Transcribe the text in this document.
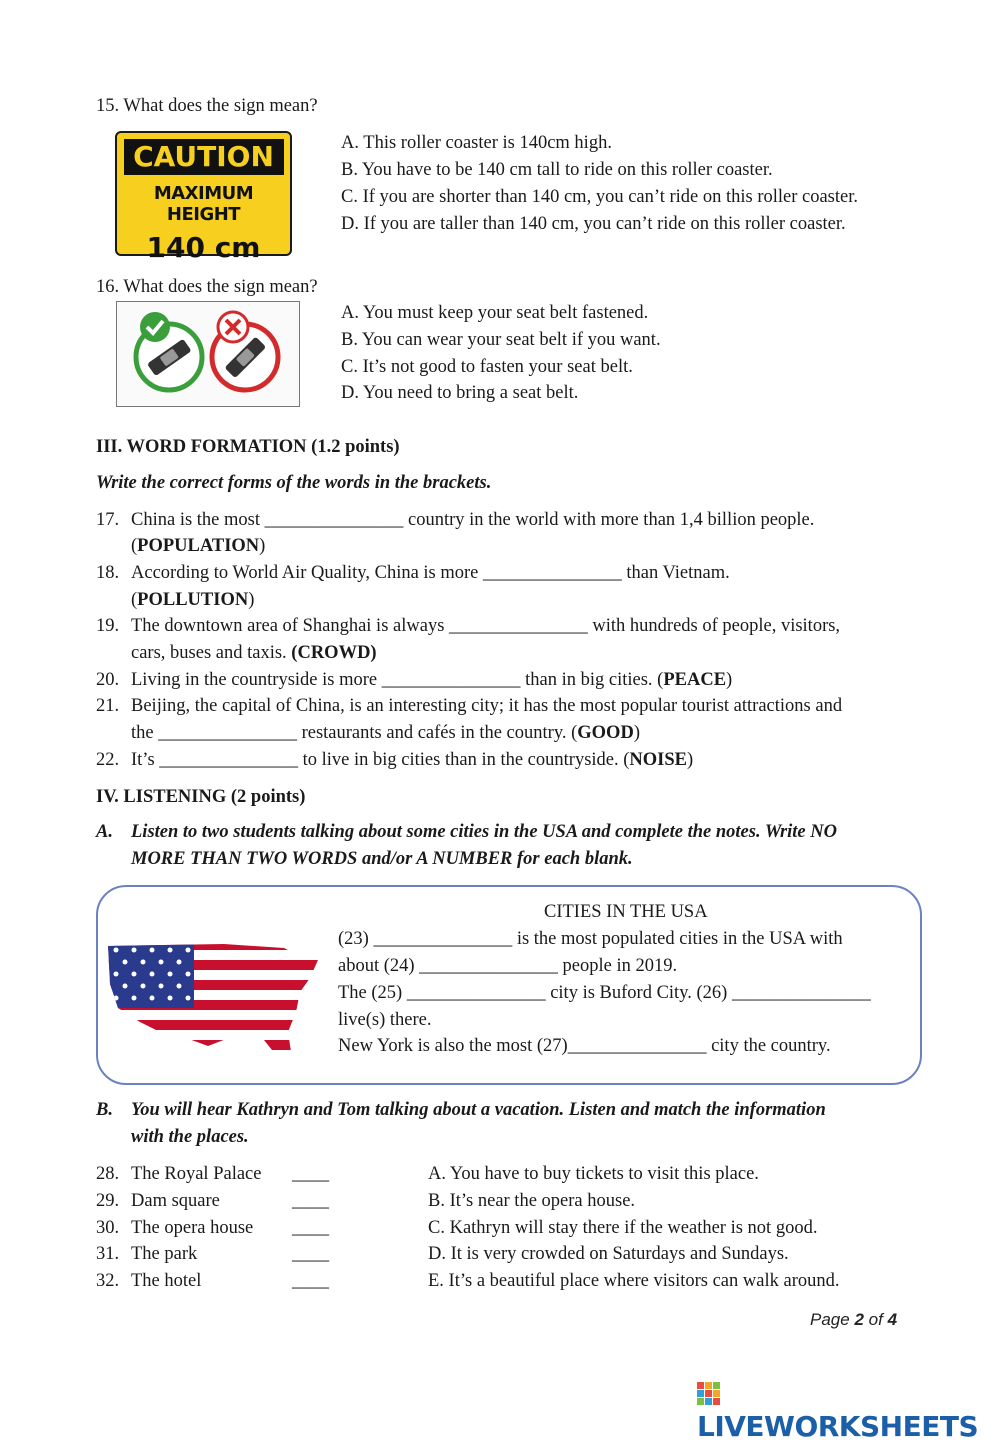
15. What does the sign mean?
CAUTION
MAXIMUM HEIGHT
140 cm
A. This roller coaster is 140cm high.
B. You have to be 140 cm tall to ride on this roller coaster.
C. If you are shorter than 140 cm, you can’t ride on this roller coaster.
D. If you are taller than 140 cm, you can’t ride on this roller coaster.
16. What does the sign mean?
A. You must keep your seat belt fastened.
B. You can wear your seat belt if you want.
C. It’s not good to fasten your seat belt.
D. You need to bring a seat belt.
III. WORD FORMATION (1.2 points)
Write the correct forms of the words in the brackets.
17. China is the most _______________ country in the world with more than 1,4 billion people.
(POPULATION)
18. According to World Air Quality, China is more _______________ than Vietnam.
(POLLUTION)
19. The downtown area of Shanghai is always _______________ with hundreds of people, visitors,
cars, buses and taxis. (CROWD)
20. Living in the countryside is more _______________ than in big cities. (PEACE)
21. Beijing, the capital of China, is an interesting city; it has the most popular tourist attractions and
the _______________ restaurants and cafés in the country. (GOOD)
22. It’s _______________ to live in big cities than in the countryside. (NOISE)
IV. LISTENING (2 points)
A. Listen to two students talking about some cities in the USA and complete the notes. Write NO
MORE THAN TWO WORDS and/or A NUMBER for each blank.
CITIES IN THE USA
(23) _______________ is the most populated cities in the USA with
about (24) _______________ people in 2019.
The (25) _______________ city is Buford City. (26) _______________
live(s) there.
New York is also the most (27)_______________ city the country.
B. You will hear Kathryn and Tom talking about a vacation. Listen and match the information
with the places.
28. The Royal Palace ____	A. You have to buy tickets to visit this place.
29. Dam square	____	B. It’s near the opera house.
30. The opera house ____	C. Kathryn will stay there if the weather is not good.
31. The park	____	D. It is very crowded on Saturdays and Sundays.
32. The hotel	____	E. It’s a beautiful place where visitors can walk around.
Page 2 of 4
LIVEWORKSHEETS
